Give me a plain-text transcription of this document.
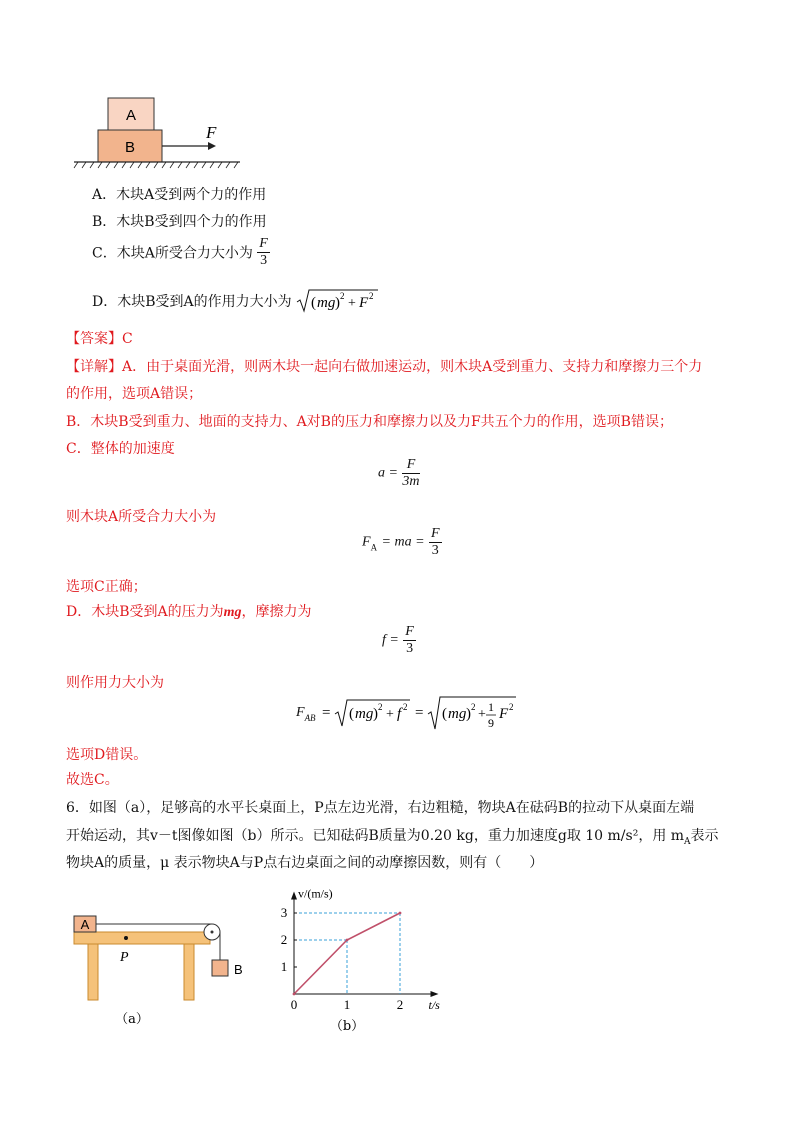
A
B
F
A．木块A受到两个力的作用
B．木块B受到四个力的作用
C．木块A所受合力大小为 $\frac{F}{3}$
D．木块B受到A的作用力大小为 ( mg ) 2 + F 2
【答案】C
【详解】A．由于桌面光滑，则两木块一起向右做加速运动，则木块A受到重力、支持力和摩擦力三个力
的作用，选项A错误；
B．木块B受到重力、地面的支持力、A对B的压力和摩擦力以及力F共五个力的作用，选项B错误；
C．整体的加速度
$a = \frac{F}{3m}$
则木块A所受合力大小为
$F_A$ = ma = $\frac{F}{3}$
选项C正确；
D．木块B受到A的压力为mg，摩擦力为
$f = \frac{F}{3}$
则作用力大小为
$F_{AB}$ = ( mg ) 2 + f 2 = ( mg ) 2 + 1
9
F 2
选项D错误。
故选C。
6．如图（a），足够高的水平长桌面上，P点左边光滑，右边粗糙，物块A在砝码B的拉动下从桌面左端
开始运动，其v－t图像如图（b）所示。已知砝码B质量为0.20 kg，重力加速度g取 10 m/s²，用 $m_A$表示
物块A的质量，μ 表示物块A与P点右边桌面之间的动摩擦因数，则有（　　）
A
B
P
（a）
v/(m/s)
t/s
0	1	2
1
2
3
（b）
